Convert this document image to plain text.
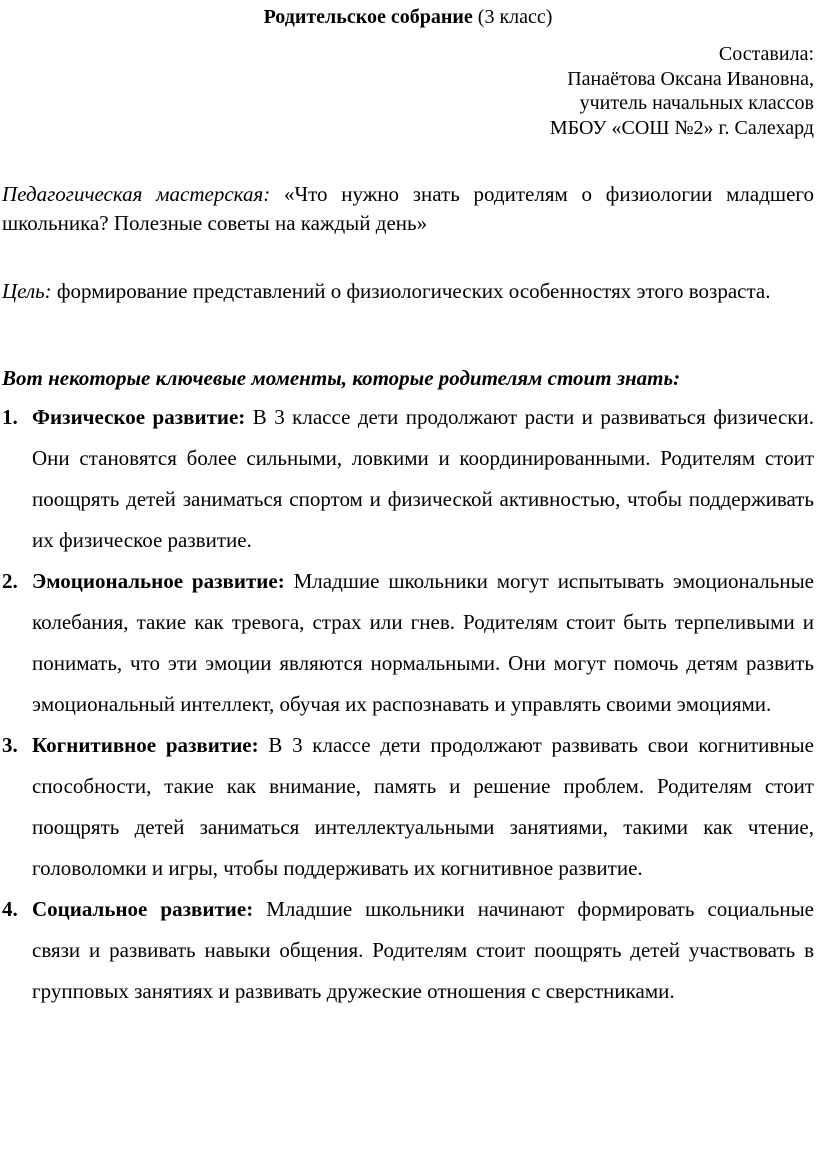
Родительское собрание (3 класс)
Составила:
Панаётова Оксана Ивановна,
учитель начальных классов
МБОУ «СОШ №2» г. Салехард

Педагогическая мастерская: «Что нужно знать родителям о физиологии младшего школьника? Полезные советы на каждый день»

Цель: формирование представлений о физиологических особенностях этого возраста.

Вот некоторые ключевые моменты, которые родителям стоит знать:

1. Физическое развитие: В 3 классе дети продолжают расти и развиваться физически. Они становятся более сильными, ловкими и координированными. Родителям стоит поощрять детей заниматься спортом и физической активностью, чтобы поддерживать их физическое развитие.
2. Эмоциональное развитие: Младшие школьники могут испытывать эмоциональные колебания, такие как тревога, страх или гнев. Родителям стоит быть терпеливыми и понимать, что эти эмоции являются нормальными. Они могут помочь детям развить эмоциональный интеллект, обучая их распознавать и управлять своими эмоциями.
3. Когнитивное развитие: В 3 классе дети продолжают развивать свои когнитивные способности, такие как внимание, память и решение проблем. Родителям стоит поощрять детей заниматься интеллектуальными занятиями, такими как чтение, головоломки и игры, чтобы поддерживать их когнитивное развитие.
4. Социальное развитие: Младшие школьники начинают формировать социальные связи и развивать навыки общения. Родителям стоит поощрять детей участвовать в групповых занятиях и развивать дружеские отношения с сверстниками.
